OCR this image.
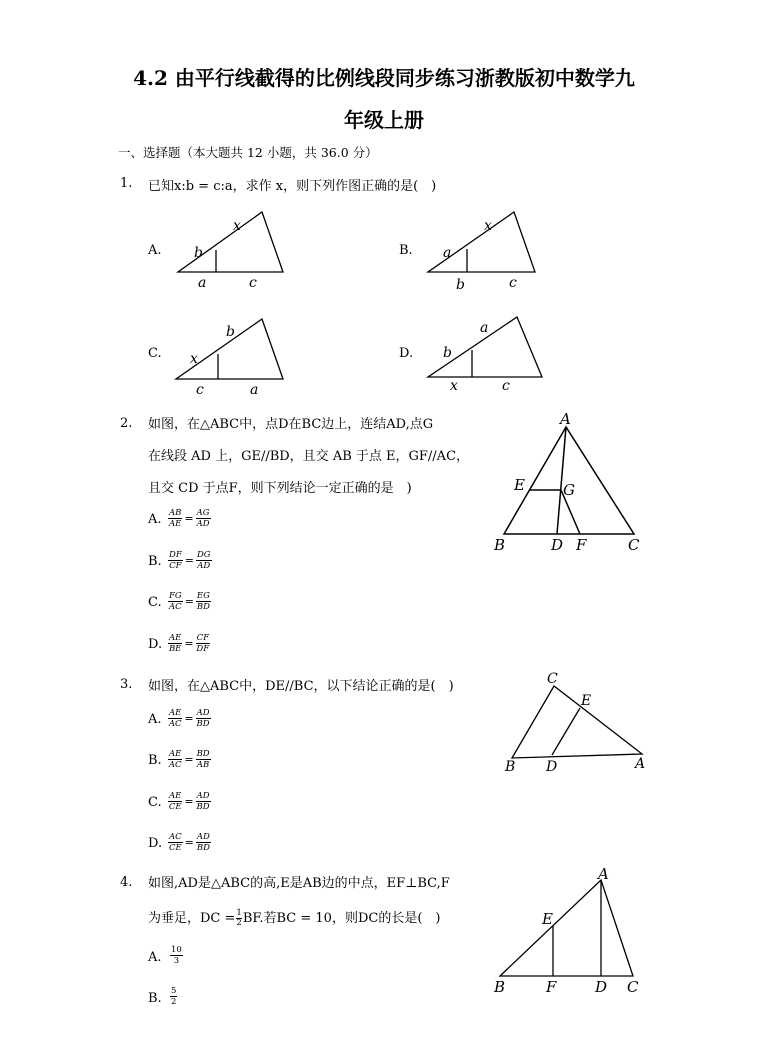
4.2 由平行线截得的比例线段同步练习浙教版初中数学九
年级上册
一、选择题（本大题共 12 小题，共 36.0 分）
1. 已知x:b = c:a，求作 x，则下列作图正确的是(　)
A. b
x
a	c
B. a
x
b	c
C. x
b
c	a
D. b
a
x	c
2. 如图，在△ABC中，点D在BC边上，连结AD,点G
在线段 AD 上，GE//BD，且交 AB 于点 E，GF//AC，
且交 CD 于点F，则下列结论一定正确的是　)
A. $\frac{AB}{AE} = \frac{AG}{AD}$
B. $\frac{DF}{CF} = \frac{DG}{AD}$
C. $\frac{FG}{AC} = \frac{EG}{BD}$
D. $\frac{AE}{BE} = \frac{CF}{DF}$
A
E	G
B	D F	C
3. 如图，在△ABC中，DE//BC，以下结论正确的是(　)
A. $\frac{AE}{AC} = \frac{AD}{BD}$
B. $\frac{AE}{AC} = \frac{BD}{AB}$
C. $\frac{AE}{CE} = \frac{AD}{BD}$
D. $\frac{AC}{CE} = \frac{AD}{BD}$
C
E
B D	A
4. 如图,AD是△ABC的高,E是AB边的中点，EF⊥BC,F
为垂足，DC = $\frac{1}{2}$ BF.若BC = 10，则DC的长是(　)
A. $\frac{10}{3}$
B. $\frac{5}{2}$
A
E
B	F	D C
